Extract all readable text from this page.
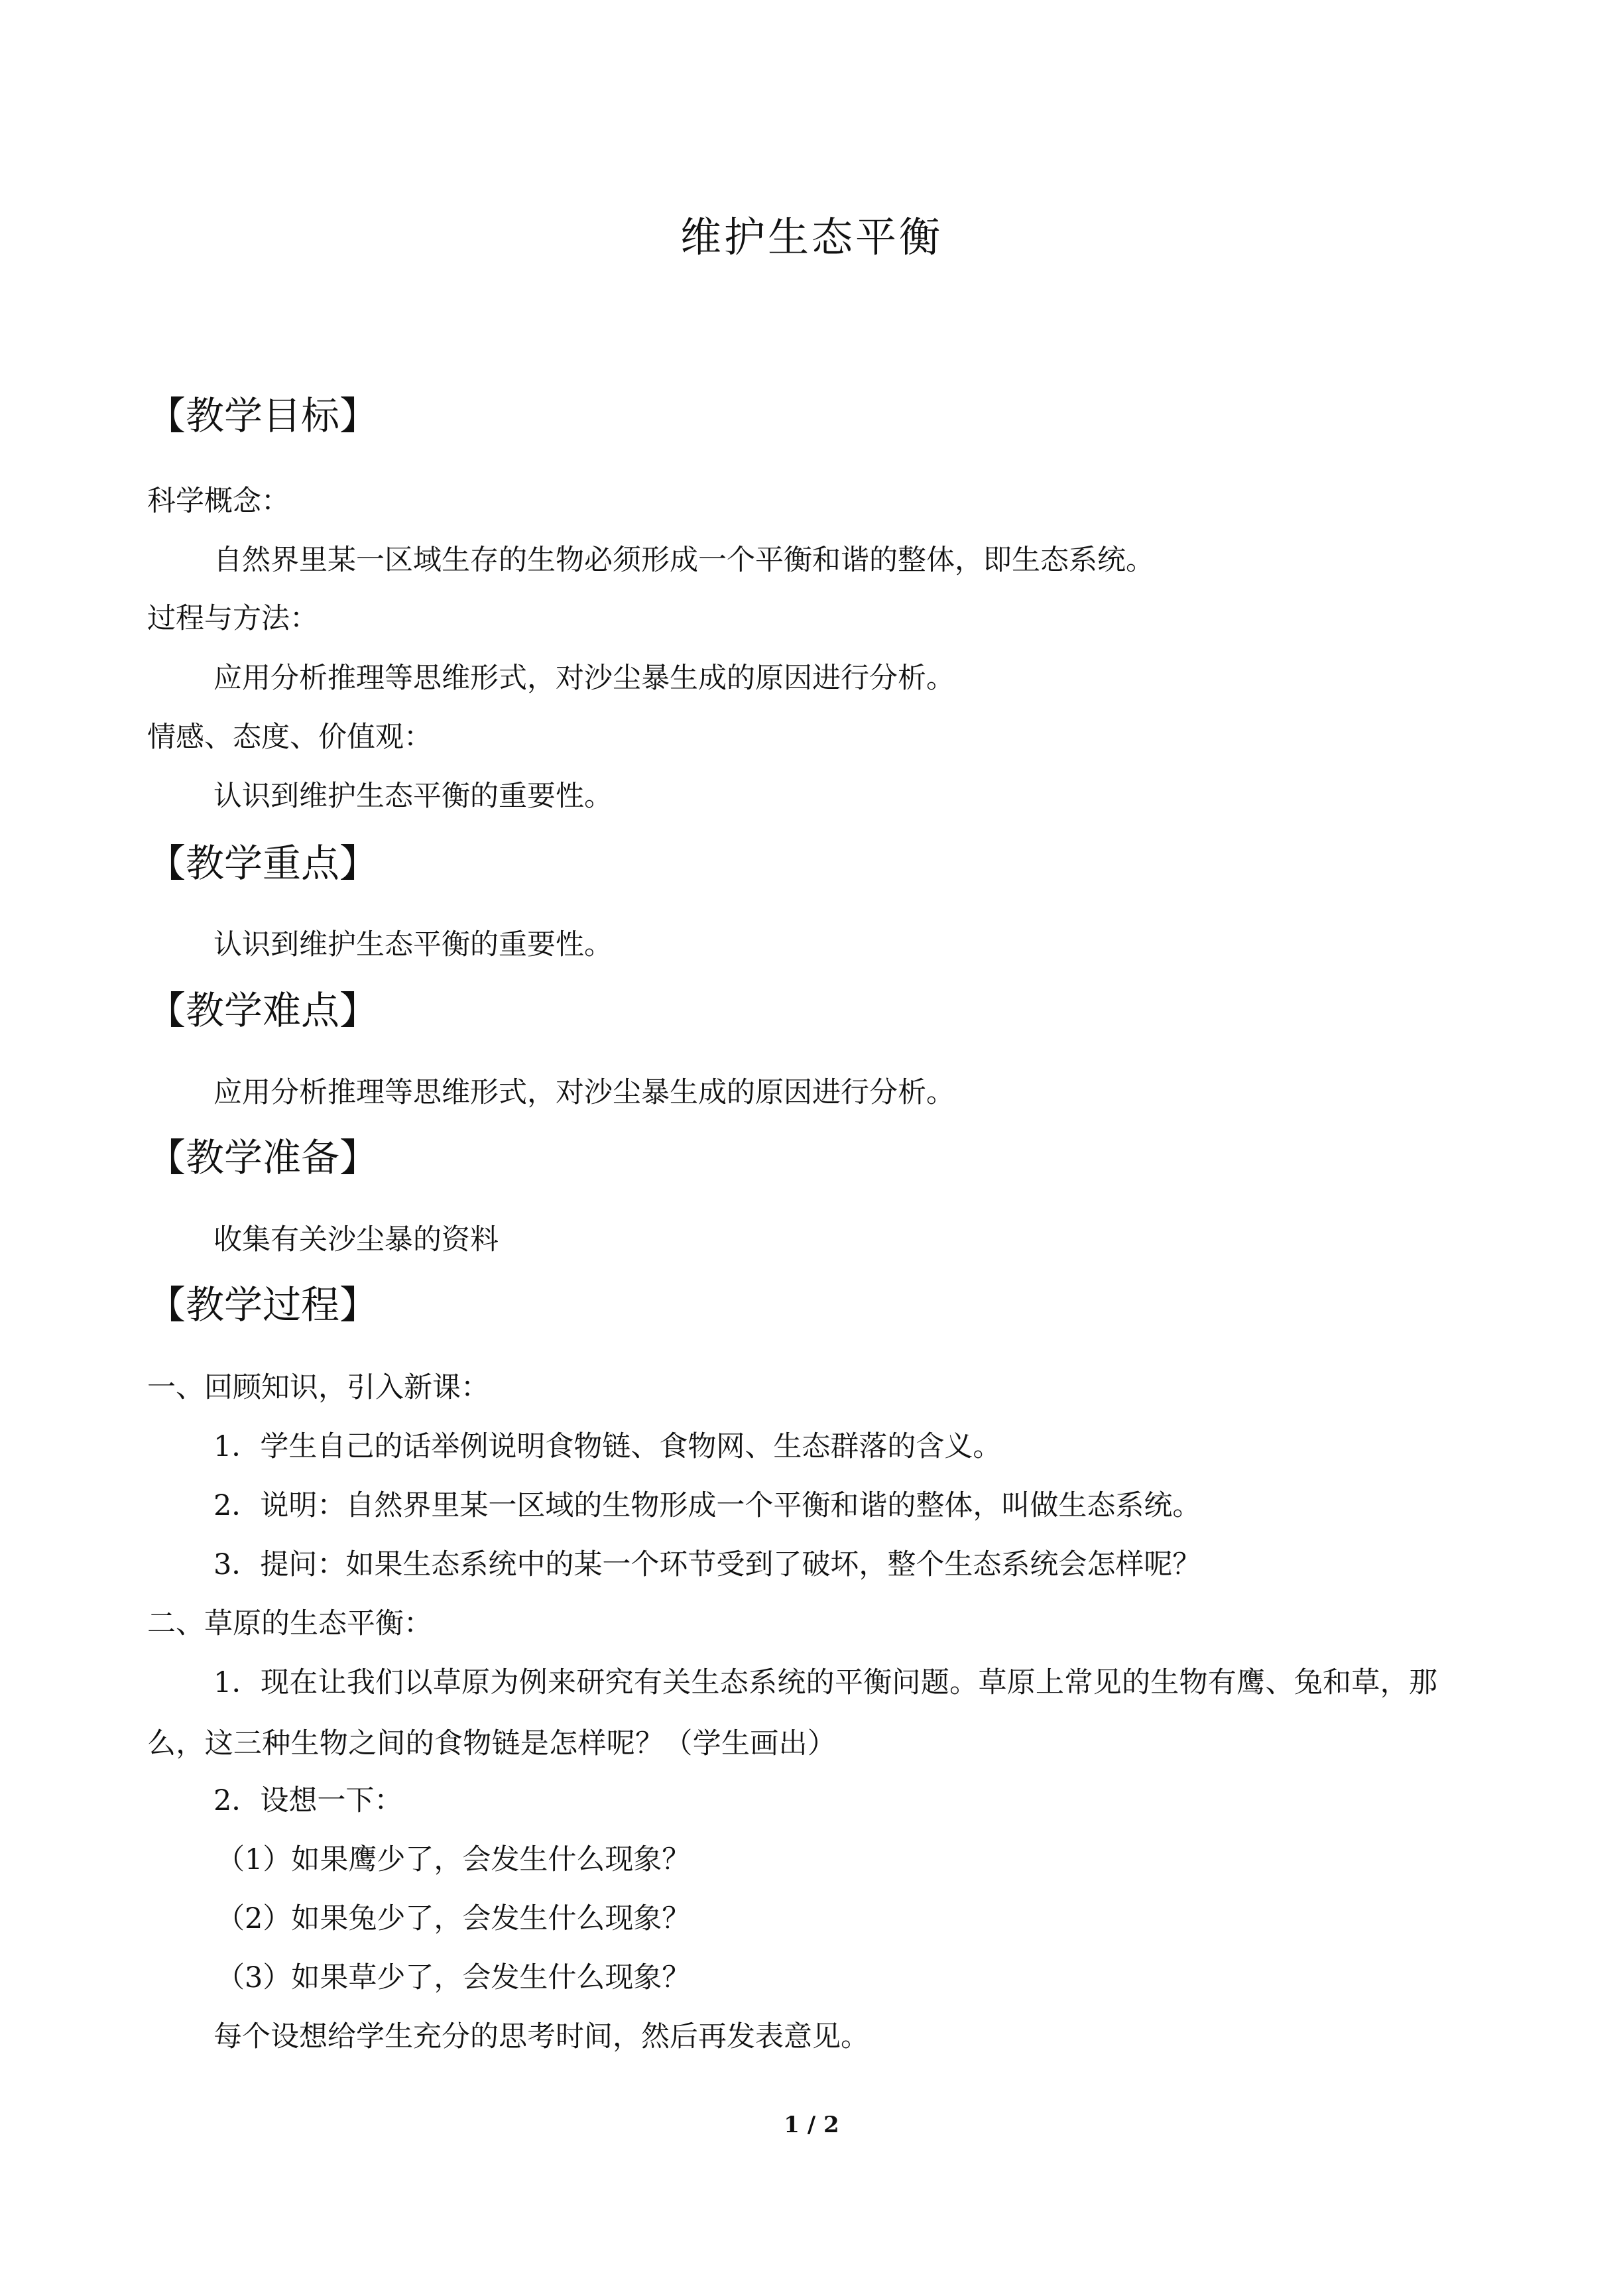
维护生态平衡
【教学目标】
科学概念：
自然界里某一区域生存的生物必须形成一个平衡和谐的整体，即生态系统。
过程与方法：
应用分析推理等思维形式，对沙尘暴生成的原因进行分析。
情感、态度、价值观：
认识到维护生态平衡的重要性。
【教学重点】
认识到维护生态平衡的重要性。
【教学难点】
应用分析推理等思维形式，对沙尘暴生成的原因进行分析。
【教学准备】
收集有关沙尘暴的资料
【教学过程】
一、回顾知识，引入新课：
1．学生自己的话举例说明食物链、食物网、生态群落的含义。
2．说明：自然界里某一区域的生物形成一个平衡和谐的整体，叫做生态系统。
3．提问：如果生态系统中的某一个环节受到了破坏，整个生态系统会怎样呢？
二、草原的生态平衡：
1．现在让我们以草原为例来研究有关生态系统的平衡问题。草原上常见的生物有鹰、兔和草，那么，这三种生物之间的食物链是怎样呢？（学生画出）
2．设想一下：
（1）如果鹰少了，会发生什么现象？
（2）如果兔少了，会发生什么现象？
（3）如果草少了，会发生什么现象？
每个设想给学生充分的思考时间，然后再发表意见。
1 / 2
